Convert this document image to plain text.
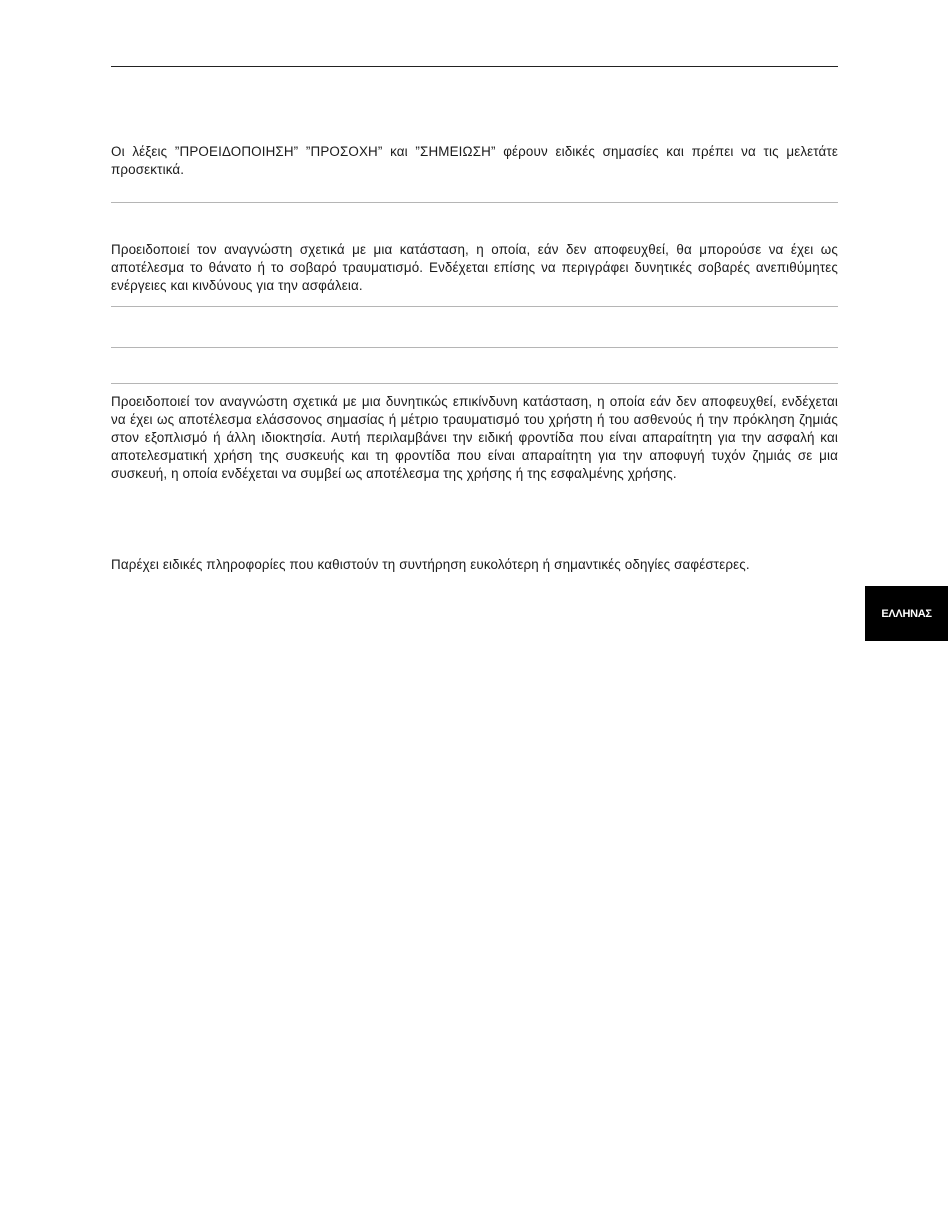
Οι λέξεις ”ΠΡΟΕΙΔΟΠΟΙΗΣΗ” ”ΠΡΟΣΟΧΗ” και ”ΣΗΜΕΙΩΣΗ” φέρουν ειδικές σημασίες και πρέπει να τις μελετάτε προσεκτικά.

Προειδοποιεί τον αναγνώστη σχετικά με μια κατάσταση, η οποία, εάν δεν αποφευχθεί, θα μπορούσε να έχει ως αποτέλεσμα το θάνατο ή το σοβαρό τραυματισμό. Ενδέχεται επίσης να περιγράφει δυνητικές σοβαρές ανεπιθύμητες ενέργειες και κινδύνους για την ασφάλεια.

Προειδοποιεί τον αναγνώστη σχετικά με μια δυνητικώς επικίνδυνη κατάσταση, η οποία εάν δεν αποφευχθεί, ενδέχεται να έχει ως αποτέλεσμα ελάσσονος σημασίας ή μέτριο τραυματισμό του χρήστη ή του ασθενούς ή την πρόκληση ζημιάς στον εξοπλισμό ή άλλη ιδιοκτησία. Αυτή περιλαμβάνει την ειδική φροντίδα που είναι απαραίτητη για την ασφαλή και αποτελεσματική χρήση της συσκευής και τη φροντίδα που είναι απαραίτητη για την αποφυγή τυχόν ζημιάς σε μια συσκευή, η οποία ενδέχεται να συμβεί ως αποτέλεσμα της χρήσης ή της εσφαλμένης χρήσης.

Παρέχει ειδικές πληροφορίες που καθιστούν τη συντήρηση ευκολότερη ή σημαντικές οδηγίες σαφέστερες.

ΕΛΛΗΝΑΣ
